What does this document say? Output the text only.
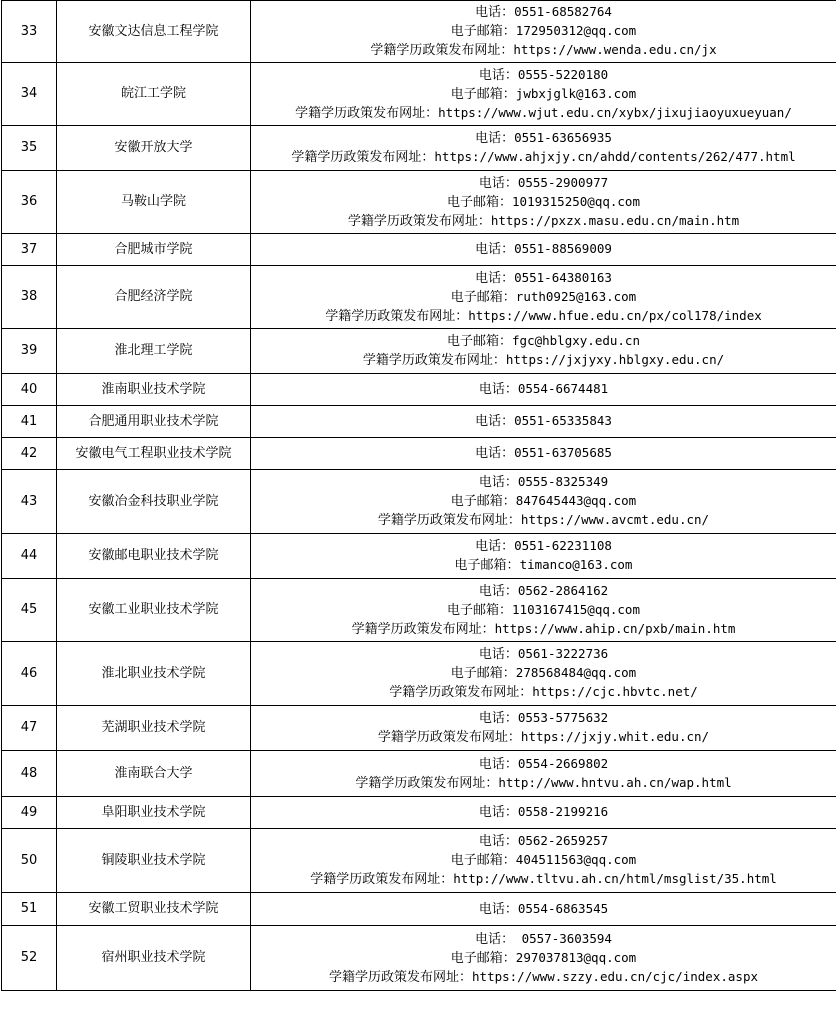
33	安徽文达信息工程学院	电话：0551-68582764
电子邮箱：172950312@qq.com
学籍学历政策发布网址：https://www.wenda.edu.cn/jx

34	皖江工学院	电话：0555-5220180
电子邮箱：jwbxjglk@163.com
学籍学历政策发布网址：https://www.wjut.edu.cn/xybx/jixujiaoyuxueyuan/

35	安徽开放大学	电话：0551-63656935
学籍学历政策发布网址：https://www.ahjxjy.cn/ahdd/contents/262/477.html

36	马鞍山学院	电话：0555-2900977
电子邮箱：1019315250@qq.com
学籍学历政策发布网址：https://pxzx.masu.edu.cn/main.htm

37	合肥城市学院	电话：0551-88569009

38	合肥经济学院	电话：0551-64380163
电子邮箱：ruth0925@163.com
学籍学历政策发布网址：https://www.hfue.edu.cn/px/col178/index

39	淮北理工学院	电子邮箱：fgc@hblgxy.edu.cn
学籍学历政策发布网址：https://jxjyxy.hblgxy.edu.cn/

40	淮南职业技术学院	电话：0554-6674481

41	合肥通用职业技术学院	电话：0551-65335843

42	安徽电气工程职业技术学院	电话：0551-63705685

43	安徽冶金科技职业学院	电话：0555-8325349
电子邮箱：847645443@qq.com
学籍学历政策发布网址：https://www.avcmt.edu.cn/

44	安徽邮电职业技术学院	电话：0551-62231108
电子邮箱：timanco@163.com

45	安徽工业职业技术学院	电话：0562-2864162
电子邮箱：1103167415@qq.com
学籍学历政策发布网址：https://www.ahip.cn/pxb/main.htm

46	淮北职业技术学院	电话：0561-3222736
电子邮箱：278568484@qq.com
学籍学历政策发布网址：https://cjc.hbvtc.net/

47	芜湖职业技术学院	电话：0553-5775632
学籍学历政策发布网址：https://jxjy.whit.edu.cn/

48	淮南联合大学	电话：0554-2669802
学籍学历政策发布网址：http://www.hntvu.ah.cn/wap.html

49	阜阳职业技术学院	电话：0558-2199216

50	铜陵职业技术学院	电话：0562-2659257
电子邮箱：404511563@qq.com
学籍学历政策发布网址：http://www.tltvu.ah.cn/html/msglist/35.html

51	安徽工贸职业技术学院	电话：0554-6863545

52	宿州职业技术学院	电话： 0557-3603594
电子邮箱：297037813@qq.com
学籍学历政策发布网址：https://www.szzy.edu.cn/cjc/index.aspx
